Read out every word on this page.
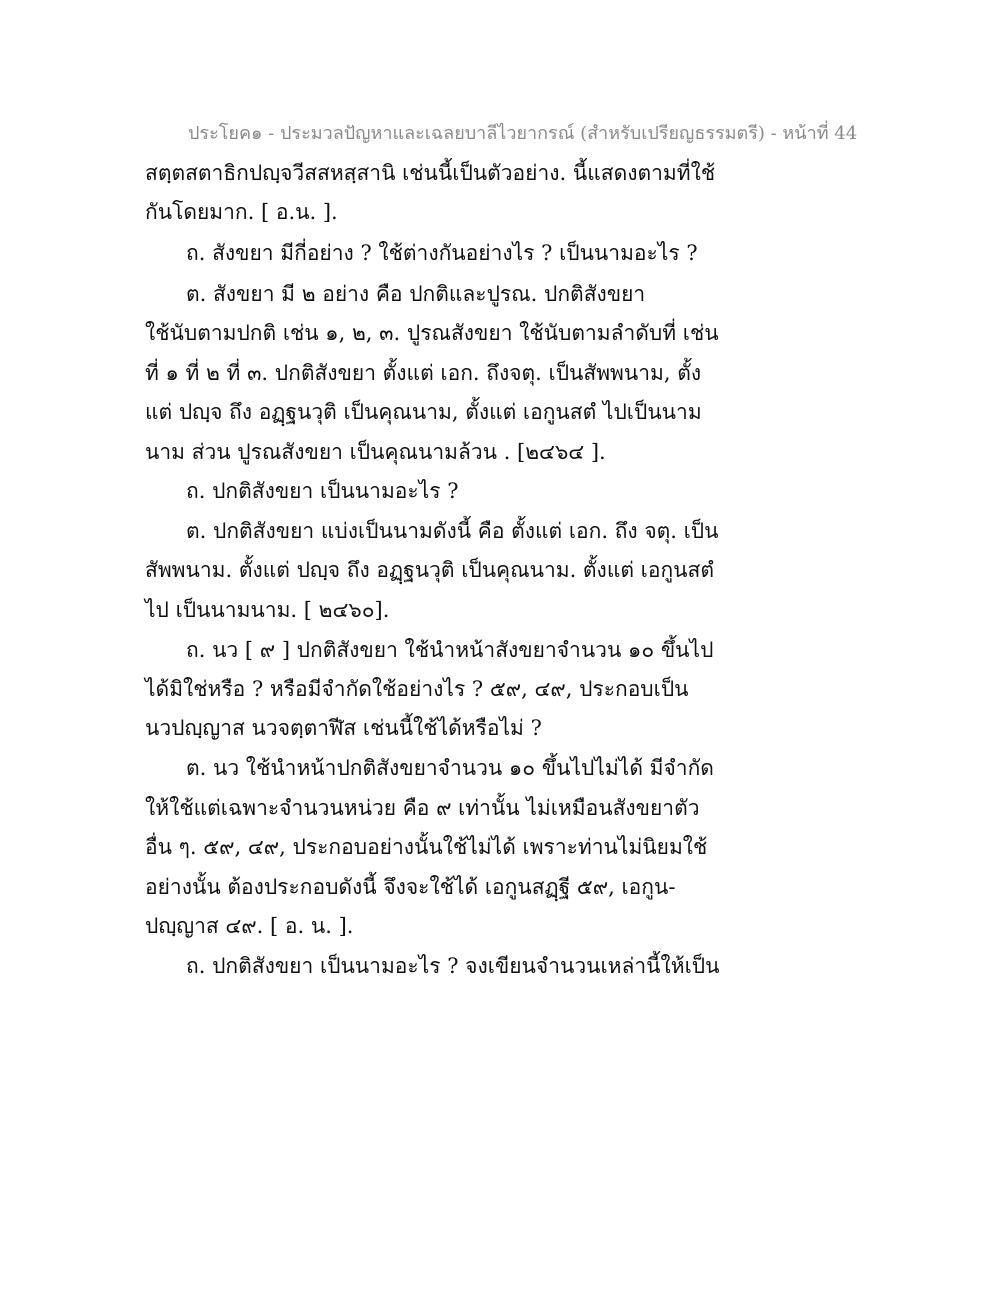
ประโยค๑ - ประมวลปัญหาและเฉลยบาลีไวยากรณ์ (สำหรับเปรียญธรรมตรี) - หน้าที่ 44
สตฺตสตาธิกปญฺจวีสสหสฺสานิ เช่นนี้เป็นตัวอย่าง. นี้แสดงตามที่ใช้
กันโดยมาก. [ อ.น. ].
ถ. สังขยา มีกี่อย่าง ? ใช้ต่างกันอย่างไร ? เป็นนามอะไร ?
ต. สังขยา มี ๒ อย่าง คือ ปกติและปูรณ. ปกติสังขยา
ใช้นับตามปกติ เช่น ๑, ๒, ๓. ปูรณสังขยา ใช้นับตามลำดับที่ เช่น
ที่ ๑ ที่ ๒ ที่ ๓. ปกติสังขยา ตั้งแต่ เอก. ถึงจตุ. เป็นสัพพนาม, ตั้ง
แต่ ปญฺจ ถึง อฏฺฐนวุติ เป็นคุณนาม, ตั้งแต่ เอกูนสตํ ไปเป็นนาม
นาม ส่วน ปูรณสังขยา เป็นคุณนามล้วน . [๒๔๖๔ ].
ถ. ปกติสังขยา เป็นนามอะไร ?
ต. ปกติสังขยา แบ่งเป็นนามดังนี้ คือ ตั้งแต่ เอก. ถึง จตุ. เป็น
สัพพนาม. ตั้งแต่ ปญฺจ ถึง อฏฺฐนวุติ เป็นคุณนาม. ตั้งแต่ เอกูนสตํ
ไป เป็นนามนาม. [ ๒๔๖๐].
ถ. นว [ ๙ ] ปกติสังขยา ใช้นำหน้าสังขยาจำนวน ๑๐ ขึ้นไป
ได้มิใช่หรือ ? หรือมีจำกัดใช้อย่างไร ? ๕๙, ๔๙, ประกอบเป็น
นวปญฺญาส นวจตฺตาฬีส เช่นนี้ใช้ได้หรือไม่ ?
ต. นว ใช้นำหน้าปกติสังขยาจำนวน ๑๐ ขึ้นไปไม่ได้ มีจำกัด
ให้ใช้แต่เฉพาะจำนวนหน่วย คือ ๙ เท่านั้น ไม่เหมือนสังขยาตัว
อื่น ๆ. ๕๙, ๔๙, ประกอบอย่างนั้นใช้ไม่ได้ เพราะท่านไม่นิยมใช้
อย่างนั้น ต้องประกอบดังนี้ จึงจะใช้ได้ เอกูนสฏฺฐี ๕๙, เอกูน-
ปญฺญาส ๔๙. [ อ. น. ].
ถ. ปกติสังขยา เป็นนามอะไร ? จงเขียนจำนวนเหล่านี้ให้เป็น
